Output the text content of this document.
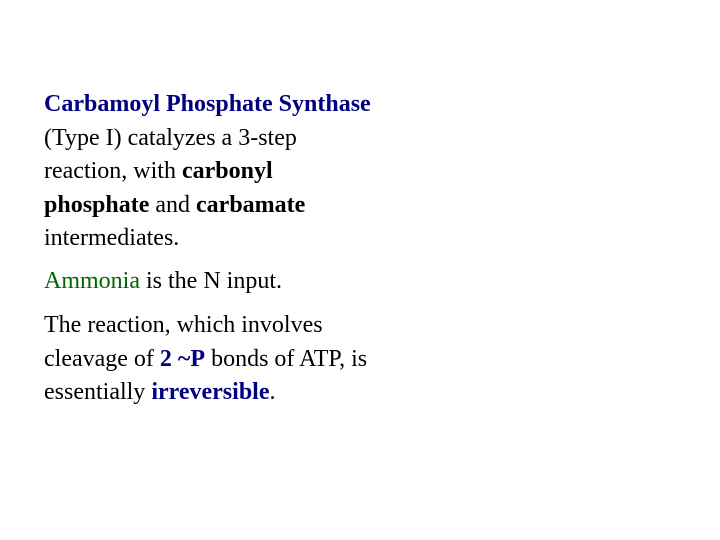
Carbamoyl Phosphate Synthase (Type I) catalyzes a 3-step reaction, with carbonyl phosphate and carbamate intermediates.

Ammonia is the N input.

The reaction, which involves cleavage of 2 ~P bonds of ATP, is essentially irreversible.
